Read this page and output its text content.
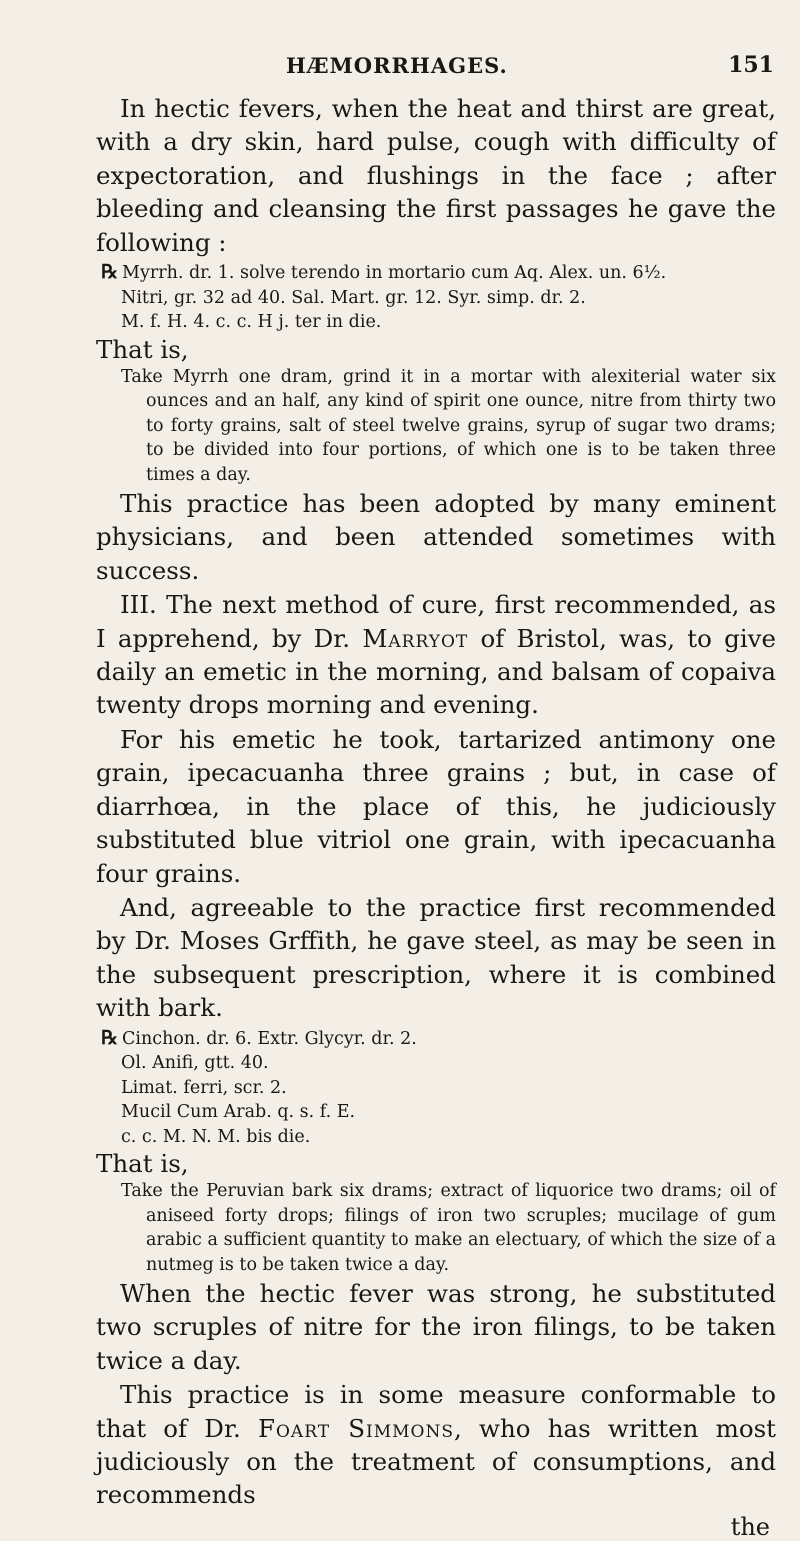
HÆMORRHAGES.	151

In hectic fevers, when the heat and thirst are great, with a dry skin, hard pulse, cough with difficulty of expectoration, and flushings in the face ; after bleeding and cleansing the first passages he gave the following :

℞ Myrrh. dr. 1. solve terendo in mortario cum Aq. Alex. un. 6½.
Nitri, gr. 32 ad 40. Sal. Mart. gr. 12. Syr. simp. dr. 2.
M. f. H. 4. c. c. H j. ter in die.

That is,

Take Myrrh one dram, grind it in a mortar with alexiterial water six ounces and an half, any kind of spirit one ounce, nitre from thirty two to forty grains, salt of steel twelve grains, syrup of sugar two drams; to be divided into four portions, of which one is to be taken three times a day.

This practice has been adopted by many eminent physicians, and been attended sometimes with success.

III. The next method of cure, first recommended, as I apprehend, by Dr. Marryot of Bristol, was, to give daily an emetic in the morning, and balsam of copaiva twenty drops morning and evening.

For his emetic he took, tartarized antimony one grain, ipecacuanha three grains ; but, in case of diarrhœa, in the place of this, he judiciously substituted blue vitriol one grain, with ipecacuanha four grains.

And, agreeable to the practice first recommended by Dr. Moses Grffith, he gave steel, as may be seen in the subsequent prescription, where it is combined with bark.

℞ Cinchon. dr. 6. Extr. Glycyr. dr. 2.
Ol. Anifi, gtt. 40.
Limat. ferri, scr. 2.
Mucil Cum Arab. q. s. f. E.
c. c. M. N. M. bis die.

That is,

Take the Peruvian bark six drams; extract of liquorice two drams; oil of aniseed forty drops; filings of iron two scruples; mucilage of gum arabic a sufficient quantity to make an electuary, of which the size of a nutmeg is to be taken twice a day.

When the hectic fever was strong, he substituted two scruples of nitre for the iron filings, to be taken twice a day.

This practice is in some measure conformable to that of Dr. Foart Simmons, who has written most judiciously on the treatment of consumptions, and recommends

the
